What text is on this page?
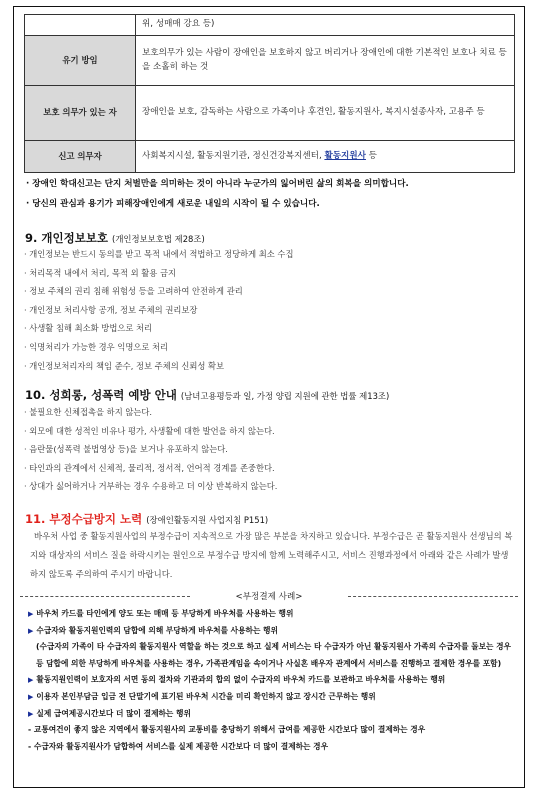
	위, 성매매 강요 등)
유기 방임	보호의무가 있는 사람이 장애인을 보호하지 않고 버리거나 장애인에 대한 기본적인 보호나 치료 등을 소홀히 하는 것
보호 의무가 있는 자	장애인을 보호, 감독하는 사람으로 가족이나 후견인, 활동지원사, 복지시설종사자, 고용주 등
신고 의무자	사회복지시설, 활동지원기관, 정신건강복지센터, 활동지원사 등
· 장애인 학대신고는 단지 처벌만을 의미하는 것이 아니라 누군가의 잃어버린 삶의 회복을 의미합니다.
· 당신의 관심과 용기가 피해장애인에게 새로운 내일의 시작이 될 수 있습니다.
9. 개인정보보호 (개인정보보호법 제28조)
· 개인정보는 반드시 동의를 받고 목적 내에서 적법하고 정당하게 최소 수집
· 처리목적 내에서 처리, 목적 외 활용 금지
· 정보 주체의 권리 침해 위험성 등을 고려하여 안전하게 관리
· 개인정보 처리사항 공개, 정보 주체의 권리보장
· 사생활 침해 최소화 방법으로 처리
· 익명처리가 가능한 경우 익명으로 처리
· 개인정보처리자의 책임 준수, 정보 주체의 신뢰성 확보
10. 성희롱, 성폭력 예방 안내 (남녀고용평등과 일, 가정 양립 지원에 관한 법률 제13조)
· 불필요한 신체접촉을 하지 않는다.
· 외모에 대한 성적인 비유나 평가, 사생활에 대한 발언을 하지 않는다.
· 음란물(성폭력 불법영상 등)을 보거나 유포하지 않는다.
· 타인과의 관계에서 신체적, 물리적, 정서적, 언어적 경계를 존중한다.
· 상대가 싫어하거나 거부하는 경우 수용하고 더 이상 반복하지 않는다.
11. 부정수급방지 노력 (장애인활동지원 사업지침 P151)
바우처 사업 중 활동지원사업의 부정수급이 지속적으로 가장 많은 부분을 차지하고 있습니다. 부정수급은 곧 활동지원사 선생님의 복지와 대상자의 서비스 질을 하락시키는 원인으로 부정수급 방지에 함께 노력해주시고, 서비스 진행과정에서 아래와 같은 사례가 발생하지 않도록 주의하여 주시기 바랍니다.
<부정결제 사례>
▶ 바우처 카드를 타인에게 양도 또는 매매 등 부당하게 바우처를 사용하는 행위
▶ 수급자와 활동지원인력의 담합에 의해 부당하게 바우처를 사용하는 행위
(수급자의 가족이 타 수급자의 활동지원사 역할을 하는 것으로 하고 실제 서비스는 타 수급자가 아닌 활동지원사 가족의 수급자를 돌보는 경우 등 담합에 의한 부당하게 바우처를 사용하는 경우, 가족관계임을 속이거나 사실혼 배우자 관계에서 서비스를 진행하고 결제한 경우를 포함)
▶ 활동지원인력이 보호자의 서면 동의 절차와 기관과의 합의 없이 수급자의 바우처 카드를 보관하고 바우처를 사용하는 행위
▶ 이용자 본인부담금 입금 전 단말기에 표기된 바우처 시간을 미리 확인하지 않고 장시간 근무하는 행위
▶ 실제 급여제공시간보다 더 많이 결제하는 행위
- 교통여건이 좋지 않은 지역에서 활동지원사의 교통비를 충당하기 위해서 급여를 제공한 시간보다 많이 결제하는 경우
- 수급자와 활동지원사가 담합하여 서비스를 실제 제공한 시간보다 더 많이 결제하는 경우
